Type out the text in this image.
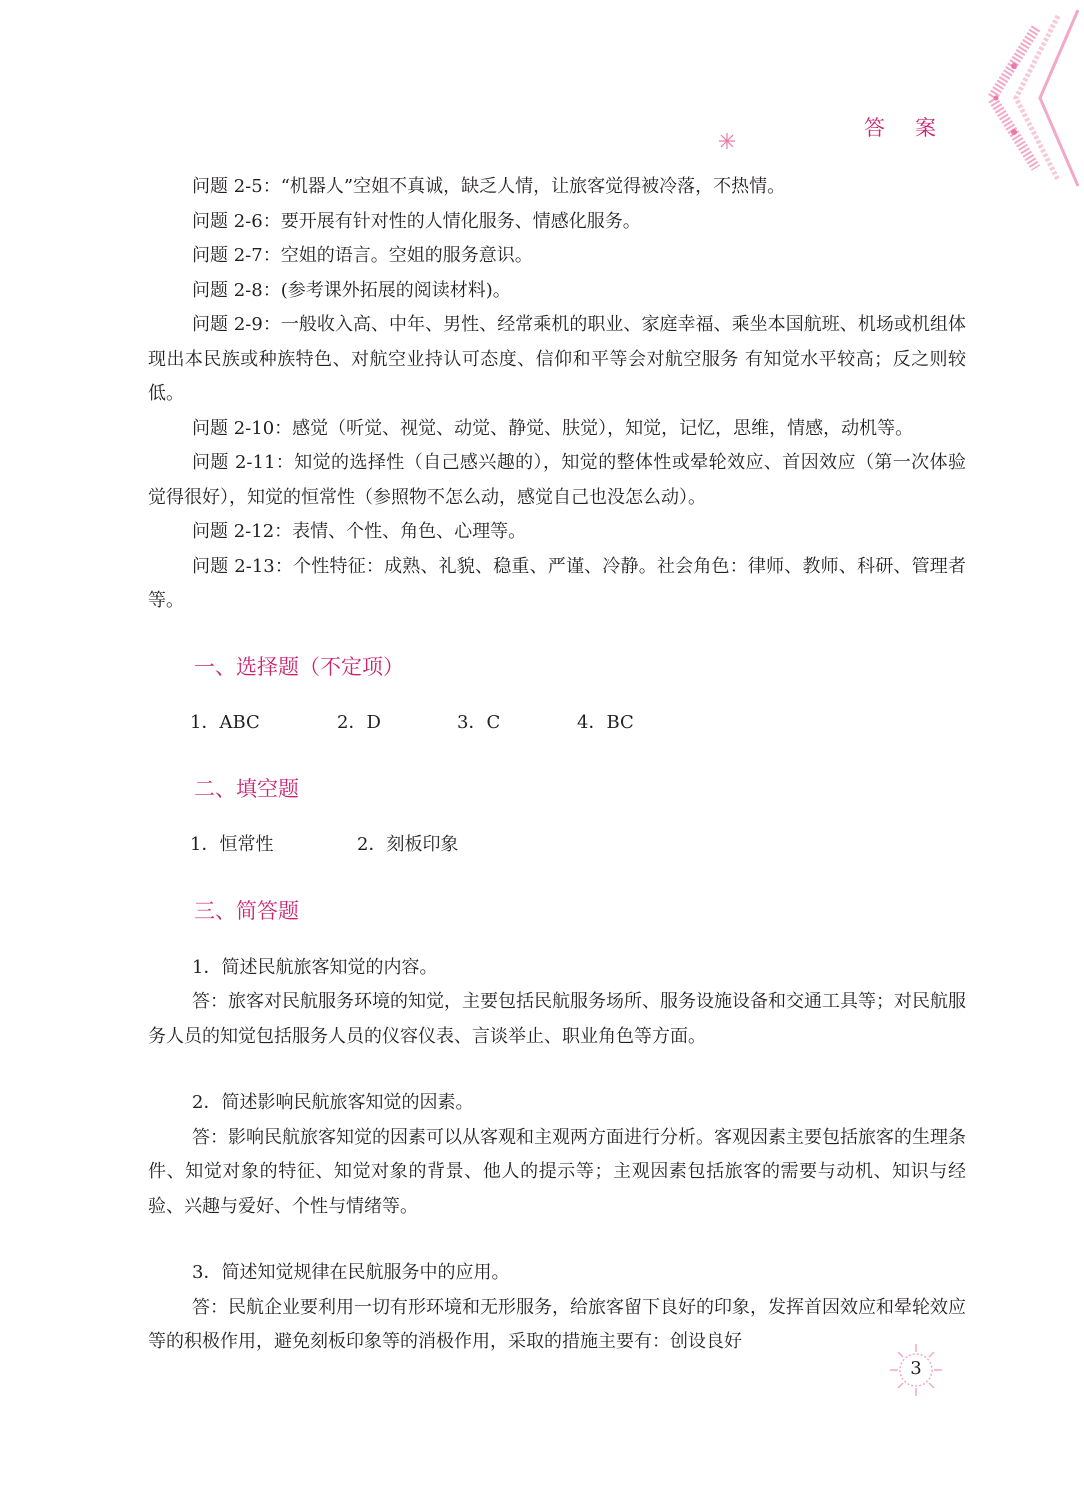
答案

问题 2-5：“机器人”空姐不真诚，缺乏人情，让旅客觉得被冷落，不热情。

问题 2-6：要开展有针对性的人情化服务、情感化服务。

问题 2-7：空姐的语言。空姐的服务意识。

问题 2-8：(参考课外拓展的阅读材料)。

问题 2-9：一般收入高、中年、男性、经常乘机的职业、家庭幸福、乘坐本国航班、机场或机组体现出本民族或种族特色、对航空业持认可态度、信仰和平等会对航空服务 有知觉水平较高；反之则较低。

问题 2-10：感觉（听觉、视觉、动觉、静觉、肤觉），知觉，记忆，思维，情感，动机等。

问题 2-11：知觉的选择性（自己感兴趣的），知觉的整体性或晕轮效应、首因效应（第一次体验觉得很好），知觉的恒常性（参照物不怎么动，感觉自己也没怎么动）。

问题 2-12：表情、个性、角色、心理等。

问题 2-13：个性特征：成熟、礼貌、稳重、严谨、冷静。社会角色：律师、教师、科研、管理者等。

一、选择题（不定项）
1．ABC	2．D	3．C	4．BC
二、填空题
1．恒常性	2．刻板印象
三、简答题

1．简述民航旅客知觉的内容。

答：旅客对民航服务环境的知觉，主要包括民航服务场所、服务设施设备和交通工具等；对民航服务人员的知觉包括服务人员的仪容仪表、言谈举止、职业角色等方面。

2．简述影响民航旅客知觉的因素。

答：影响民航旅客知觉的因素可以从客观和主观两方面进行分析。客观因素主要包括旅客的生理条件、知觉对象的特征、知觉对象的背景、他人的提示等；主观因素包括旅客的需要与动机、知识与经验、兴趣与爱好、个性与情绪等。

3．简述知觉规律在民航服务中的应用。

答：民航企业要利用一切有形环境和无形服务，给旅客留下良好的印象，发挥首因效应和晕轮效应等的积极作用，避免刻板印象等的消极作用，采取的措施主要有：创设良好

3
